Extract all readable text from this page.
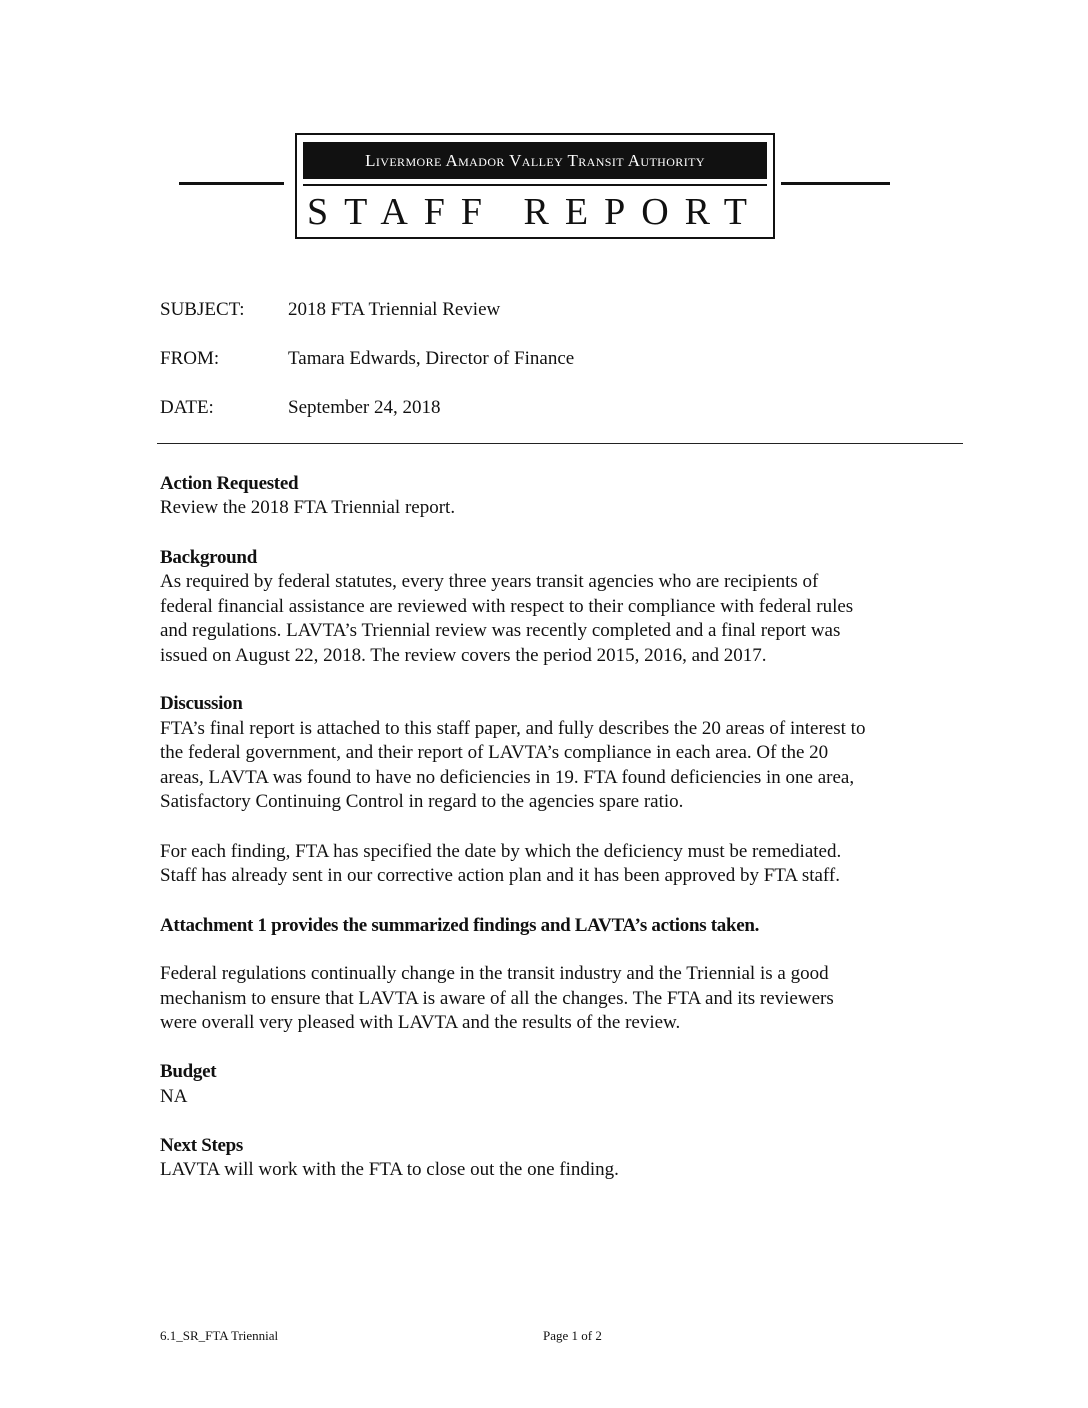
Livermore Amador Valley Transit Authority
STAFF REPORT
SUBJECT: 2018 FTA Triennial Review
FROM:	Tamara Edwards, Director of Finance
DATE:	September 24, 2018
Action Requested
Review the 2018 FTA Triennial report.
Background
As required by federal statutes, every three years transit agencies who are recipients of
federal financial assistance are reviewed with respect to their compliance with federal rules
and regulations. LAVTA’s Triennial review was recently completed and a final report was
issued on August 22, 2018. The review covers the period 2015, 2016, and 2017.
Discussion
FTA’s final report is attached to this staff paper, and fully describes the 20 areas of interest to
the federal government, and their report of LAVTA’s compliance in each area. Of the 20
areas, LAVTA was found to have no deficiencies in 19. FTA found deficiencies in one area,
Satisfactory Continuing Control in regard to the agencies spare ratio.
For each finding, FTA has specified the date by which the deficiency must be remediated.
Staff has already sent in our corrective action plan and it has been approved by FTA staff.
Attachment 1 provides the summarized findings and LAVTA’s actions taken.
Federal regulations continually change in the transit industry and the Triennial is a good
mechanism to ensure that LAVTA is aware of all the changes. The FTA and its reviewers
were overall very pleased with LAVTA and the results of the review.
Budget
NA
Next Steps
LAVTA will work with the FTA to close out the one finding.
6.1_SR_FTA Triennial	Page 1 of 2
